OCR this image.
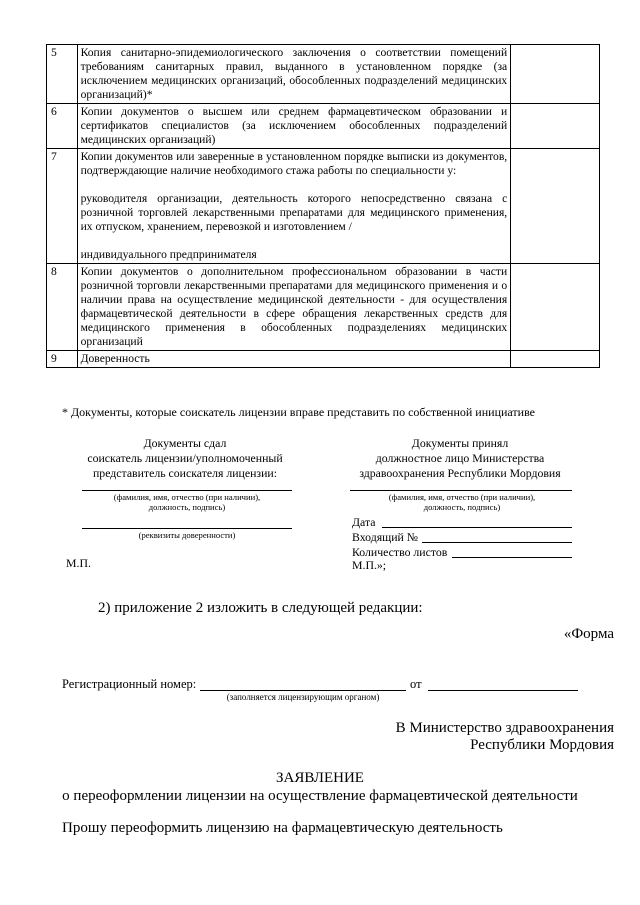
5	Копия санитарно-эпидемиологического заключения о соответствии помещений требованиям санитарных правил, выданного в установленном порядке (за исключением медицинских организаций, обособленных подразделений медицинских организаций)*	
6	Копии документов о высшем или среднем фармацевтическом образовании и сертификатов специалистов (за исключением обособленных подразделений медицинских организаций)	
7	Копии документов или заверенные в установленном порядке выписки из документов, подтверждающие наличие необходимого стажа работы по специальности у:

руководителя организации, деятельность которого непосредственно связана с розничной торговлей лекарственными препаратами для медицинского применения, их отпуском, хранением, перевозкой и изготовлением /

индивидуального предпринимателя	

8	Копии документов о дополнительном профессиональном образовании в части розничной торговли лекарственными препаратами для медицинского применения и о наличии права на осуществление медицинской деятельности - для осуществления фармацевтической деятельности в сфере обращения лекарственных средств для медицинского применения в обособленных подразделениях медицинских организаций	
9	Доверенность	
* Документы, которые соискатель лицензии вправе представить по собственной инициативе
Документы сдал
соискатель лицензии/уполномоченный
представитель соискателя лицензии:
(фамилия, имя, отчество (при наличии),
должность, подпись)
(реквизиты доверенности)
М.П.
Документы принял
должностное лицо Министерства
здравоохранения Республики Мордовия
(фамилия, имя, отчество (при наличии),
должность, подпись)
Дата
Входящий №
Количество листов
М.П.»;
2) приложение 2 изложить в следующей редакции:
«Форма
Регистрационный номер:	от
(заполняется лицензирующим органом)
В Министерство здравоохранения
Республики Мордовия
ЗАЯВЛЕНИЕ
о переоформлении лицензии на осуществление фармацевтической деятельности
Прошу переоформить лицензию на фармацевтическую деятельность
